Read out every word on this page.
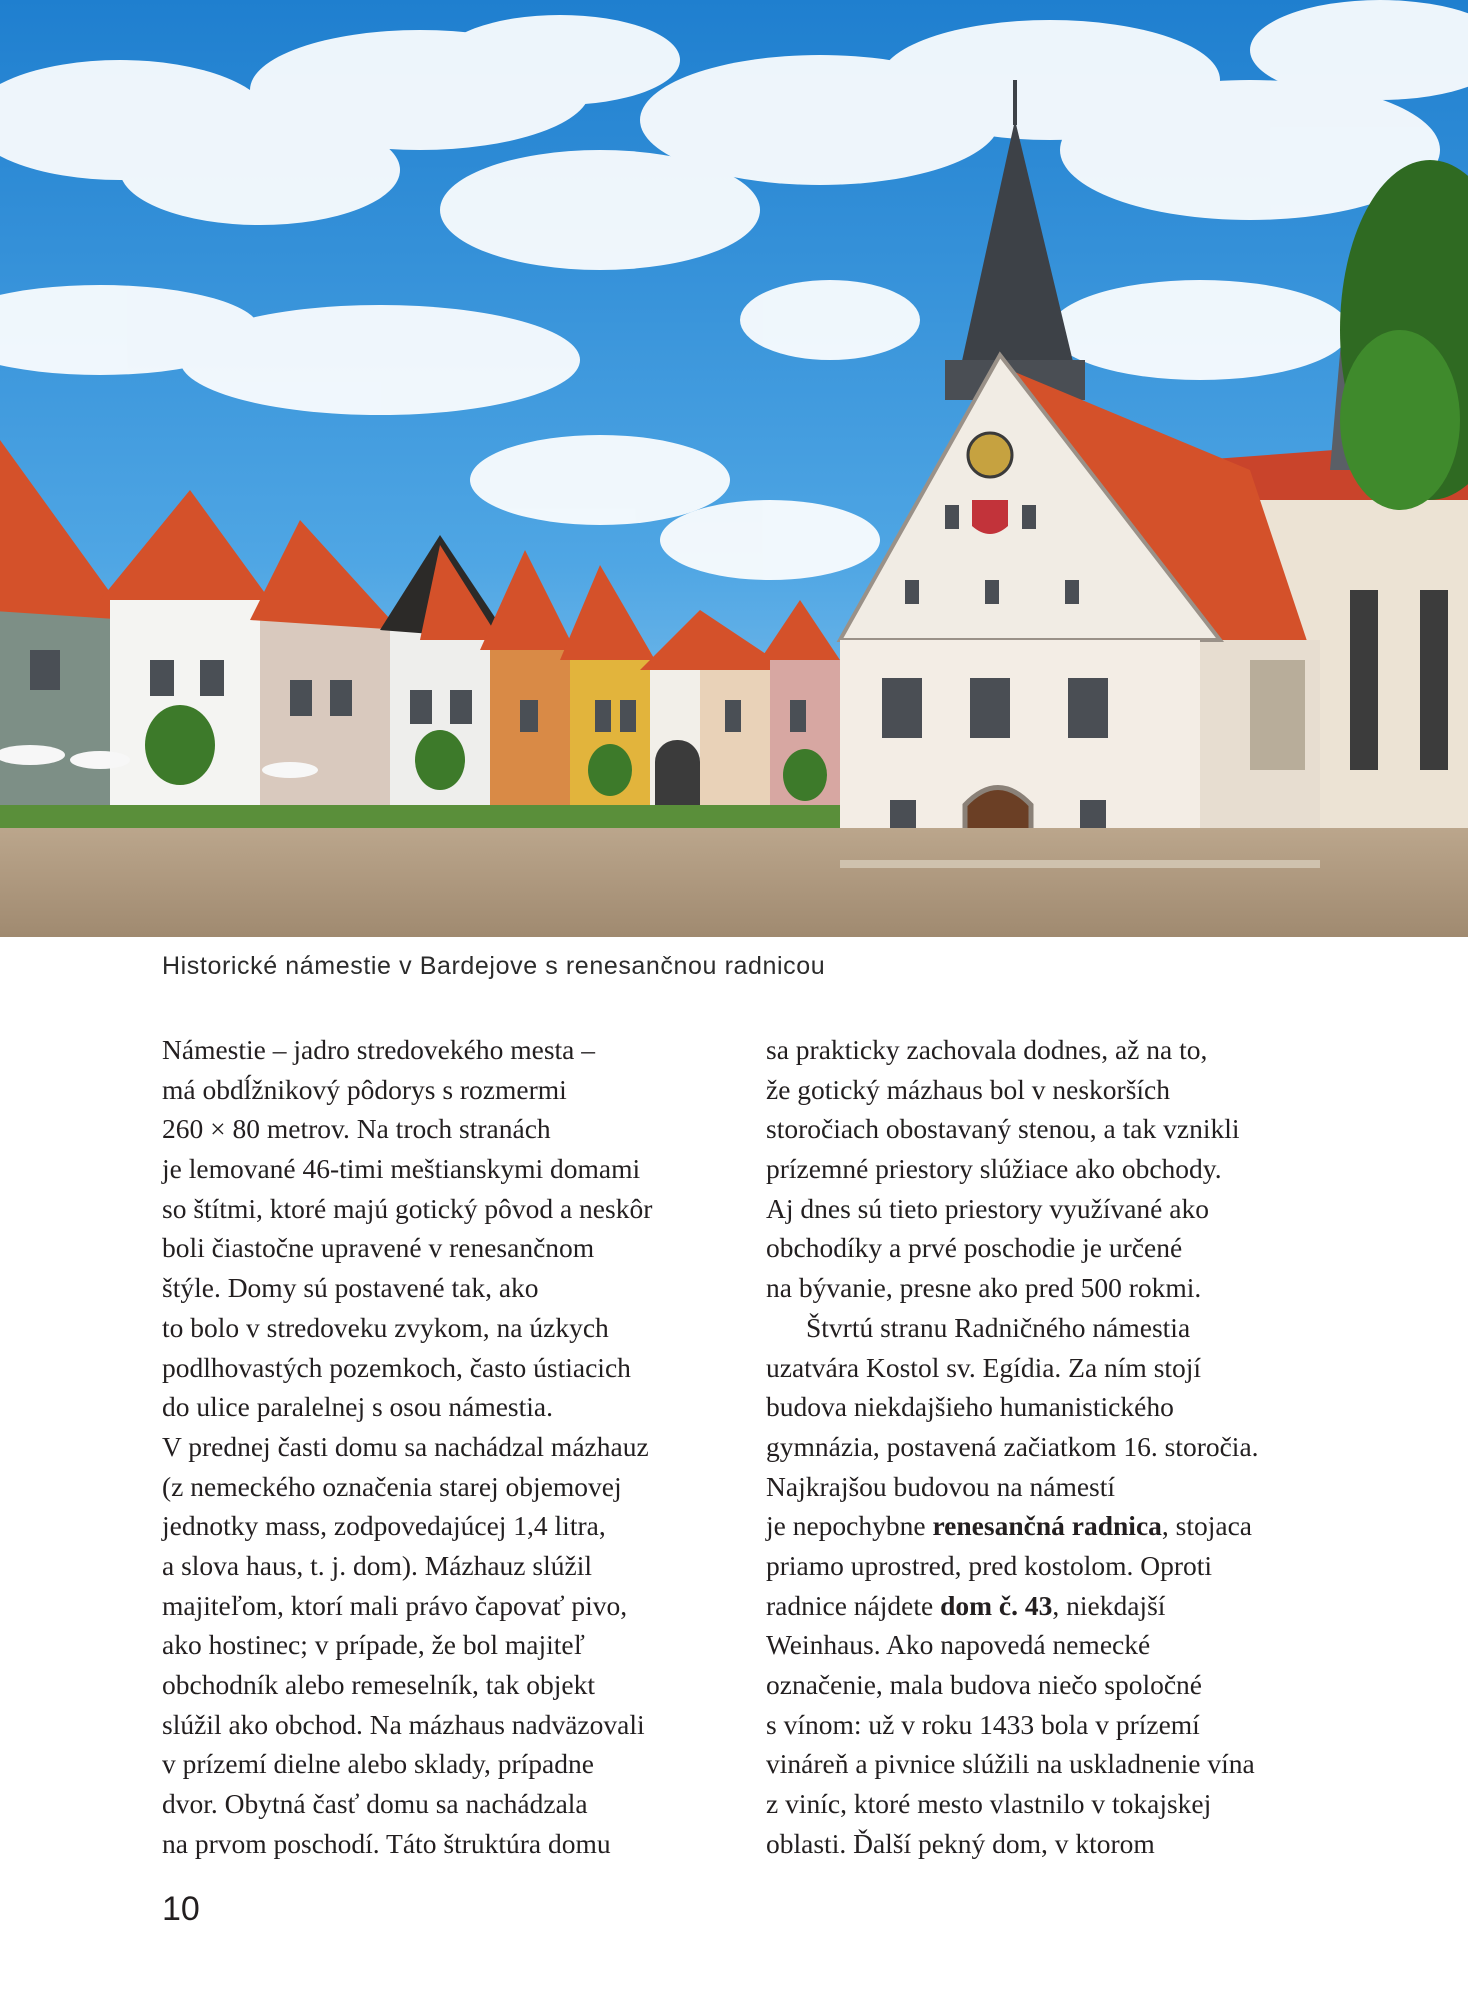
Historické námestie v Bardejove s renesančnou radnicou
Námestie – jadro stredovekého mesta –
má obdĺžnikový pôdorys s rozmermi
260 × 80 metrov. Na troch stranách
je lemované 46-timi meštianskymi domami
so štítmi, ktoré majú gotický pôvod a neskôr
boli čiastočne upravené v renesančnom
štýle. Domy sú postavené tak, ako
to bolo v stredoveku zvykom, na úzkych
podlhovastých pozemkoch, často ústiacich
do ulice paralelnej s osou námestia.
V prednej časti domu sa nachádzal mázhauz
(z nemeckého označenia starej objemovej
jednotky mass, zodpovedajúcej 1,4 litra,
a slova haus, t. j. dom). Mázhauz slúžil
majiteľom, ktorí mali právo čapovať pivo,
ako hostinec; v prípade, že bol majiteľ
obchodník alebo remeselník, tak objekt
slúžil ako obchod. Na mázhaus nadväzovali
v prízemí dielne alebo sklady, prípadne
dvor. Obytná časť domu sa nachádzala
na prvom poschodí. Táto štruktúra domu
sa prakticky zachovala dodnes, až na to,
že gotický mázhaus bol v neskorších
storočiach obostavaný stenou, a tak vznikli
prízemné priestory slúžiace ako obchody.
Aj dnes sú tieto priestory využívané ako
obchodíky a prvé poschodie je určené
na bývanie, presne ako pred 500 rokmi.
Štvrtú stranu Radničného námestia
uzatvára Kostol sv. Egídia. Za ním stojí
budova niekdajšieho humanistického
gymnázia, postavená začiatkom 16. storočia.
Najkrajšou budovou na námestí
je nepochybne renesančná radnica, stojaca
priamo uprostred, pred kostolom. Oproti
radnice nájdete dom č. 43, niekdajší
Weinhaus. Ako napovedá nemecké
označenie, mala budova niečo spoločné
s vínom: už v roku 1433 bola v prízemí
vináreň a pivnice slúžili na uskladnenie vína
z viníc, ktoré mesto vlastnilo v tokajskej
oblasti. Ďalší pekný dom, v ktorom
10
